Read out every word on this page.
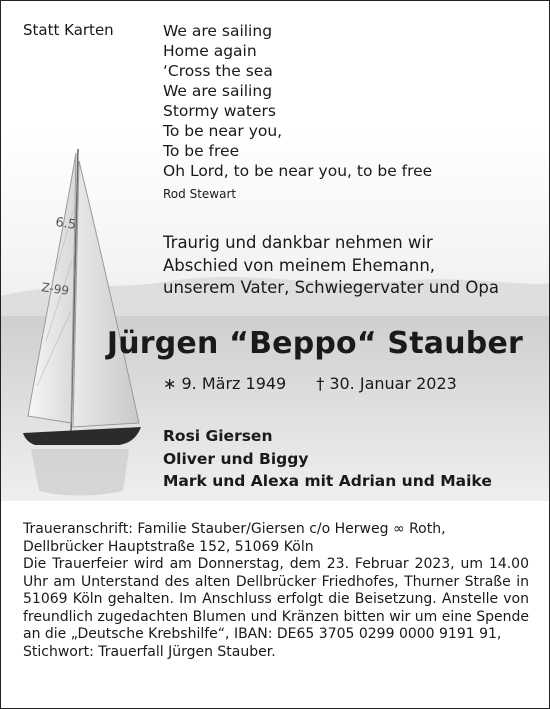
6.5
Z-99
Statt Karten	We are sailing
Home again
‘Cross the sea
We are sailing
Stormy waters
To be near you,
To be free
Oh Lord, to be near you, to be free
Rod Stewart
Traurig und dankbar nehmen wir
Abschied von meinem Ehemann,
unserem Vater, Schwiegervater und Opa
Jürgen “Beppo“ Stauber
∗ 9. März 1949 † 30. Januar 2023
Rosi Giersen
Oliver und Biggy
Mark und Alexa mit Adrian und Maike

Traueranschrift: Familie Stauber/Giersen c/o Herweg ∞ Roth,

Dellbrücker Hauptstraße 152, 51069 Köln

Die Trauerfeier wird am Donnerstag, dem 23. Februar 2023, um 14.00 Uhr am Unterstand des alten Dellbrücker Friedhofes, Thurner Straße in 51069 Köln gehalten. Im Anschluss erfolgt die Beisetzung. Anstelle von freundlich zugedachten Blumen und Kränzen bitten wir um eine Spende an die „Deutsche Krebshilfe“, IBAN: DE65 3705 0299 0000 9191 91,

Stichwort: Trauerfall Jürgen Stauber.
